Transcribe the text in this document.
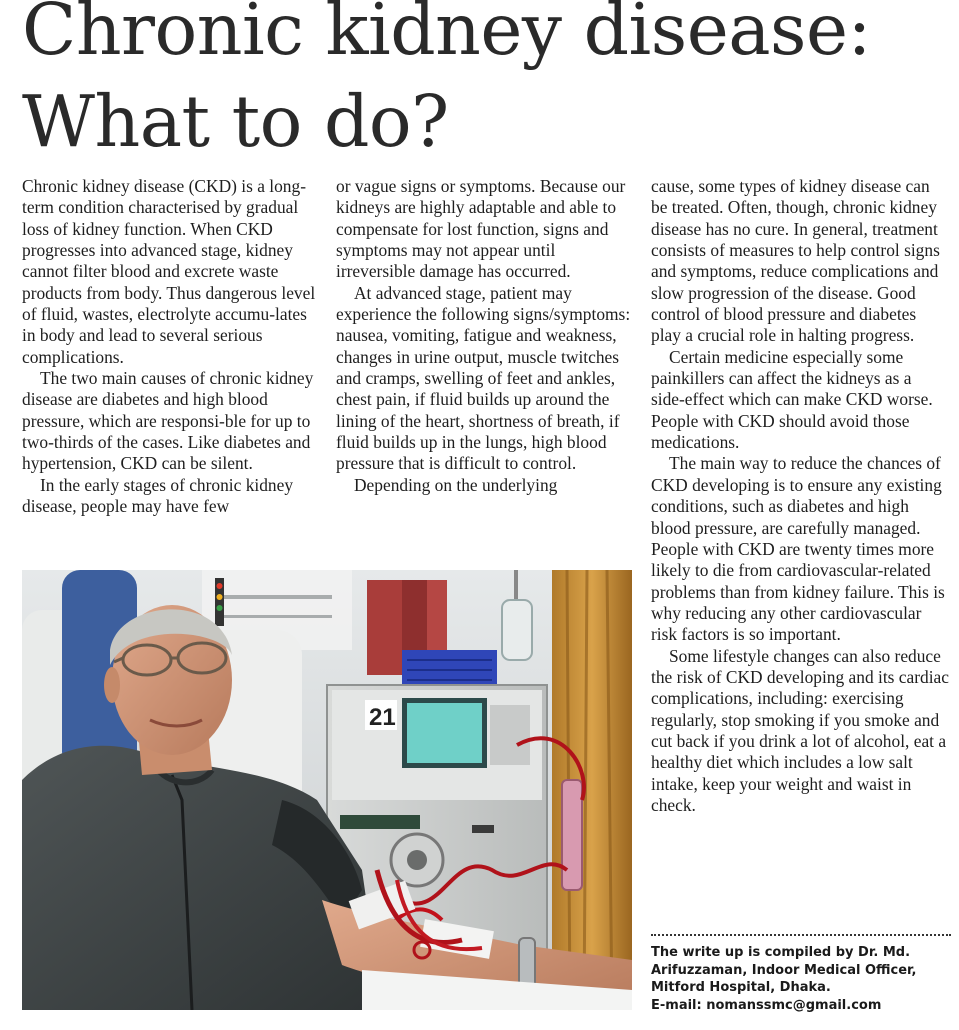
Chronic kidney disease:
What to do?

Chronic kidney disease (CKD) is a long-term condition characterised by gradual loss of kidney function. When CKD progresses into advanced stage, kidney cannot filter blood and excrete waste products from body. Thus dangerous level of fluid, wastes, electrolyte accumu-lates in body and lead to several serious complications.

The two main causes of chronic kidney disease are diabetes and high blood pressure, which are responsi-ble for up to two-thirds of the cases. Like diabetes and hypertension, CKD can be silent.

In the early stages of chronic kidney disease, people may have few

or vague signs or symptoms. Because our kidneys are highly adaptable and able to compensate for lost function, signs and symptoms may not appear until irreversible damage has occurred.

At advanced stage, patient may experience the following signs/symptoms: nausea, vomiting, fatigue and weakness, changes in urine output, muscle twitches and cramps, swelling of feet and ankles, chest pain, if fluid builds up around the lining of the heart, shortness of breath, if fluid builds up in the lungs, high blood pressure that is difficult to control.

Depending on the underlying

cause, some types of kidney disease can be treated. Often, though, chronic kidney disease has no cure. In general, treatment consists of measures to help control signs and symptoms, reduce complications and slow progression of the disease. Good control of blood pressure and diabetes play a crucial role in halting progress.

Certain medicine especially some painkillers can affect the kidneys as a side-effect which can make CKD worse. People with CKD should avoid those medications.

The main way to reduce the chances of CKD developing is to ensure any existing conditions, such as diabetes and high blood pressure, are carefully managed. People with CKD are twenty times more likely to die from cardiovascular-related problems than from kidney failure. This is why reducing any other cardiovascular risk factors is so important.

Some lifestyle changes can also reduce the risk of CKD developing and its cardiac complications, including: exercising regularly, stop smoking if you smoke and cut back if you drink a lot of alcohol, eat a healthy diet which includes a low salt intake, keep your weight and waist in check.

The write up is compiled by Dr. Md.
Arifuzzaman, Indoor Medical Officer,
Mitford Hospital, Dhaka.
E-mail: nomanssmc@gmail.com
21
